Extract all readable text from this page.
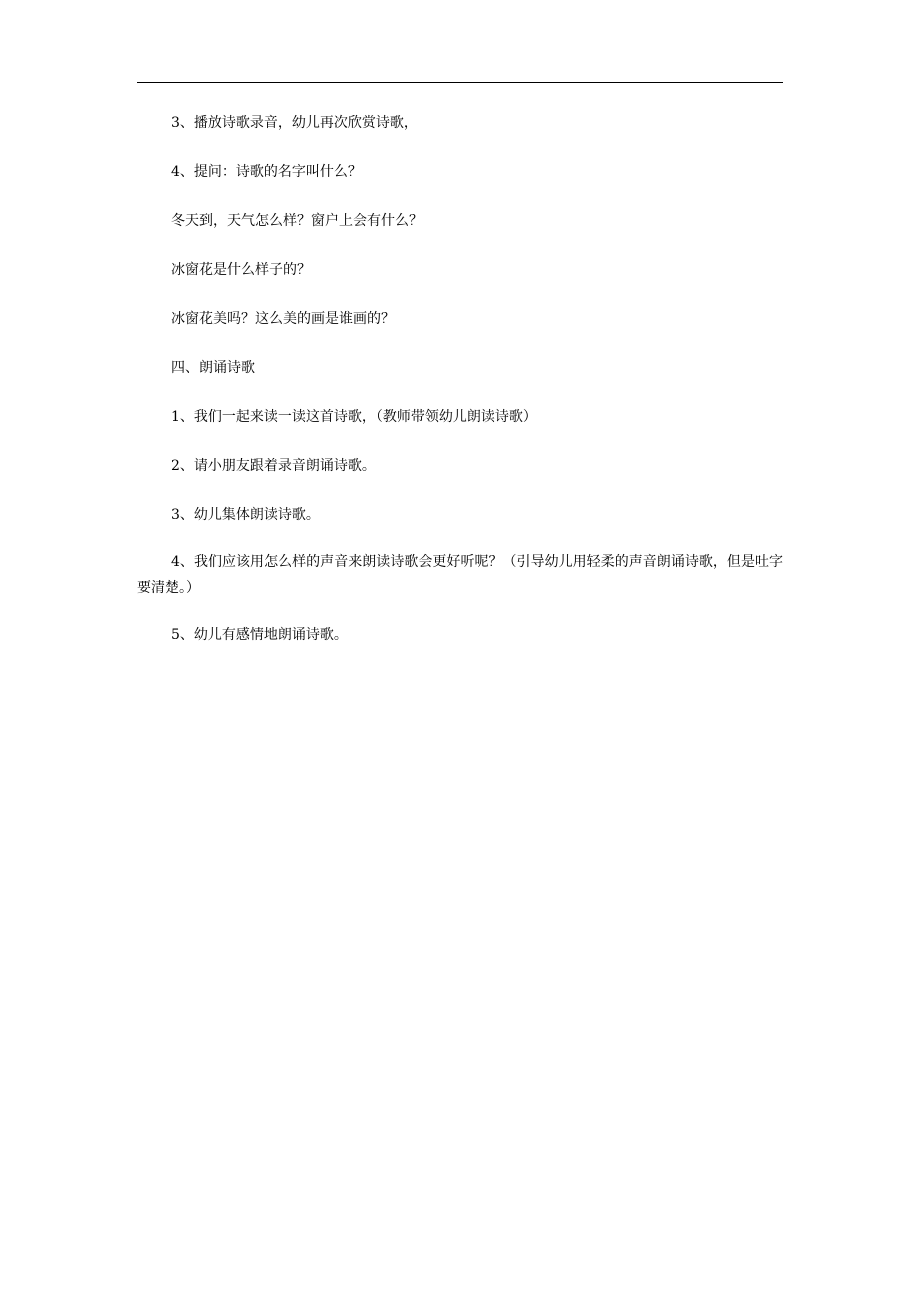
3、播放诗歌录音，幼儿再次欣赏诗歌，

4、提问：诗歌的名字叫什么？

冬天到，天气怎么样？窗户上会有什么？

冰窗花是什么样子的？

冰窗花美吗？这么美的画是谁画的？

四、朗诵诗歌

1、我们一起来读一读这首诗歌，（教师带领幼儿朗读诗歌）

2、请小朋友跟着录音朗诵诗歌。

3、幼儿集体朗读诗歌。

4、我们应该用怎么样的声音来朗读诗歌会更好听呢？（引导幼儿用轻柔的声音朗诵诗歌，但是吐字要清楚。）

5、幼儿有感情地朗诵诗歌。
